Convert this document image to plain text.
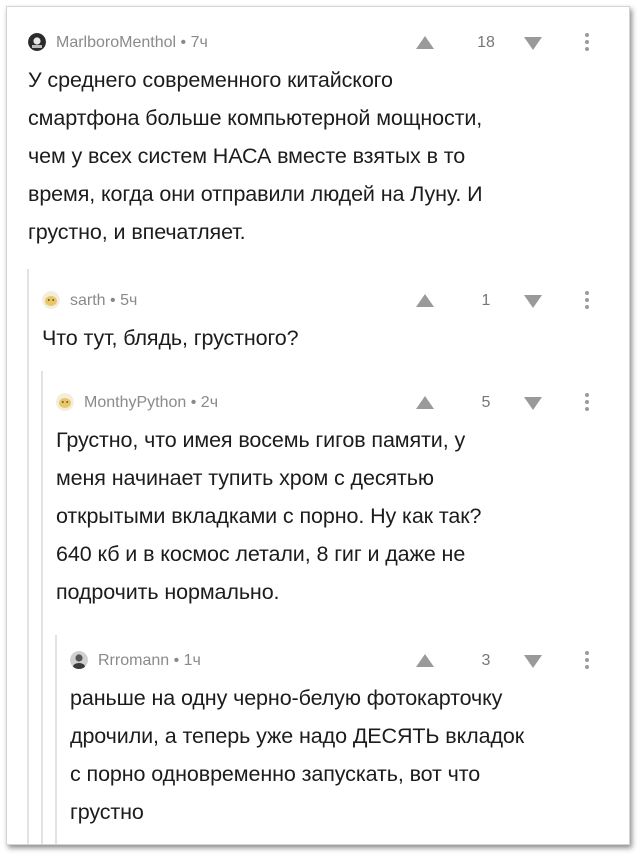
MarlboroMenthol • 7ч	18
У среднего современного китайского
смартфона больше компьютерной мощности,
чем у всех систем НАСА вместе взятых в то
время, когда они отправили людей на Луну. И
грустно, и впечатляет.
sarth • 5ч	1
Что тут, блядь, грустного?
MonthyPython • 2ч	5
Грустно, что имея восемь гигов памяти, у
меня начинает тупить хром с десятью
открытыми вкладками с порно. Ну как так?
640 кб и в космос летали, 8 гиг и даже не
подрочить нормально.
Rrromann • 1ч	3
раньше на одну черно-белую фотокарточку
дрочили, а теперь уже надо ДЕСЯТЬ вкладок
с порно одновременно запускать, вот что
грустно
